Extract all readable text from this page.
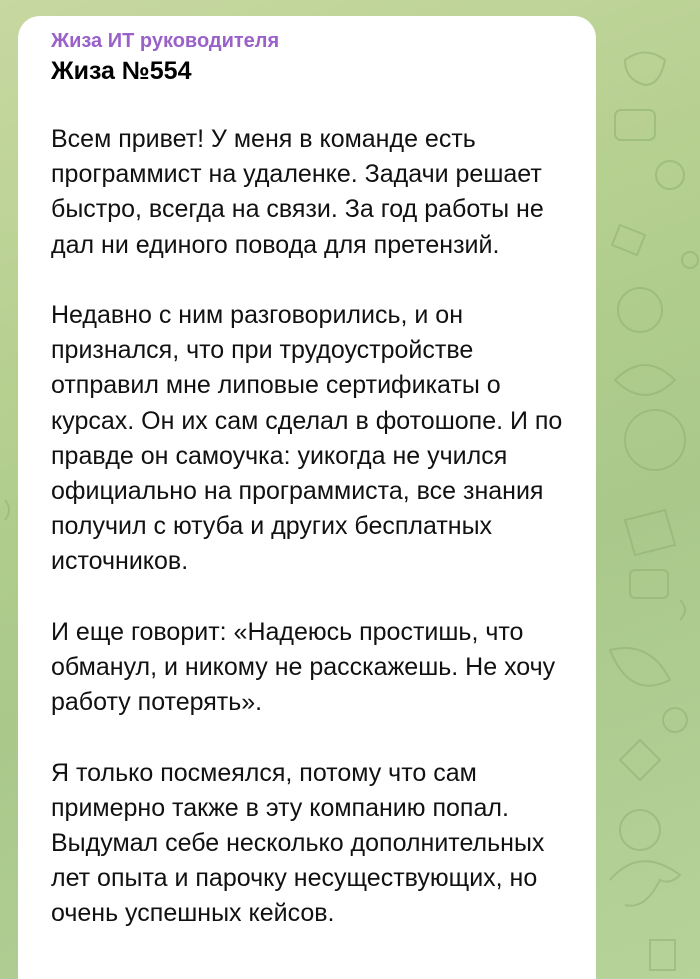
Жиза ИТ руководителя
Жиза №554

Всем привет! У меня в команде есть программист на удаленке. Задачи решает быстро, всегда на связи. За год работы не дал ни единого повода для претензий.

Недавно с ним разговорились, и он признался, что при трудоустройстве отправил мне липовые сертификаты о курсах. Он их сам сделал в фотошопе. И по правде он самоучка: уикогда не учился официально на программиста, все знания получил с ютуба и других бесплатных источников.

И еще говорит: «Надеюсь простишь, что обманул, и никому не расскажешь. Не хочу работу потерять».

Я только посмеялся, потому что сам примерно также в эту компанию попал. Выдумал себе несколько дополнительных лет опыта и парочку несуществующих, но очень успешных кейсов.
